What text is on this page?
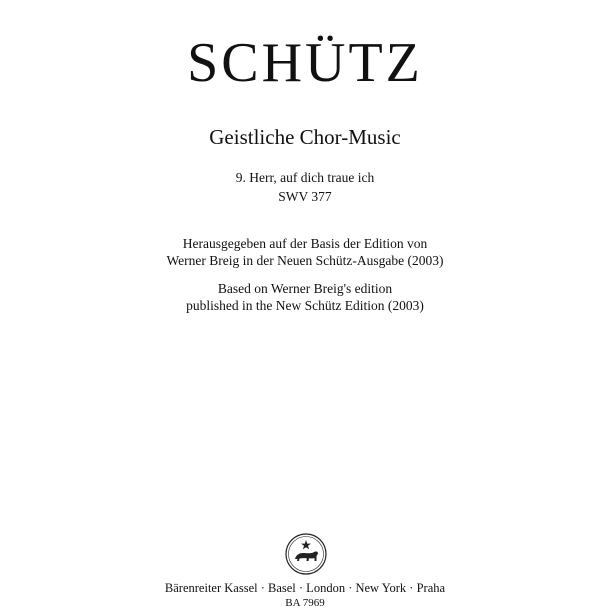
SCHÜTZ
Geistliche Chor-Music
9. Herr, auf dich traue ich
SWV 377
Herausgegeben auf der Basis der Edition von
Werner Breig in der Neuen Schütz-Ausgabe (2003)
Based on Werner Breig's edition
published in the New Schütz Edition (2003)
Bärenreiter Kassel · Basel · London · New York · Praha
BA 7969
